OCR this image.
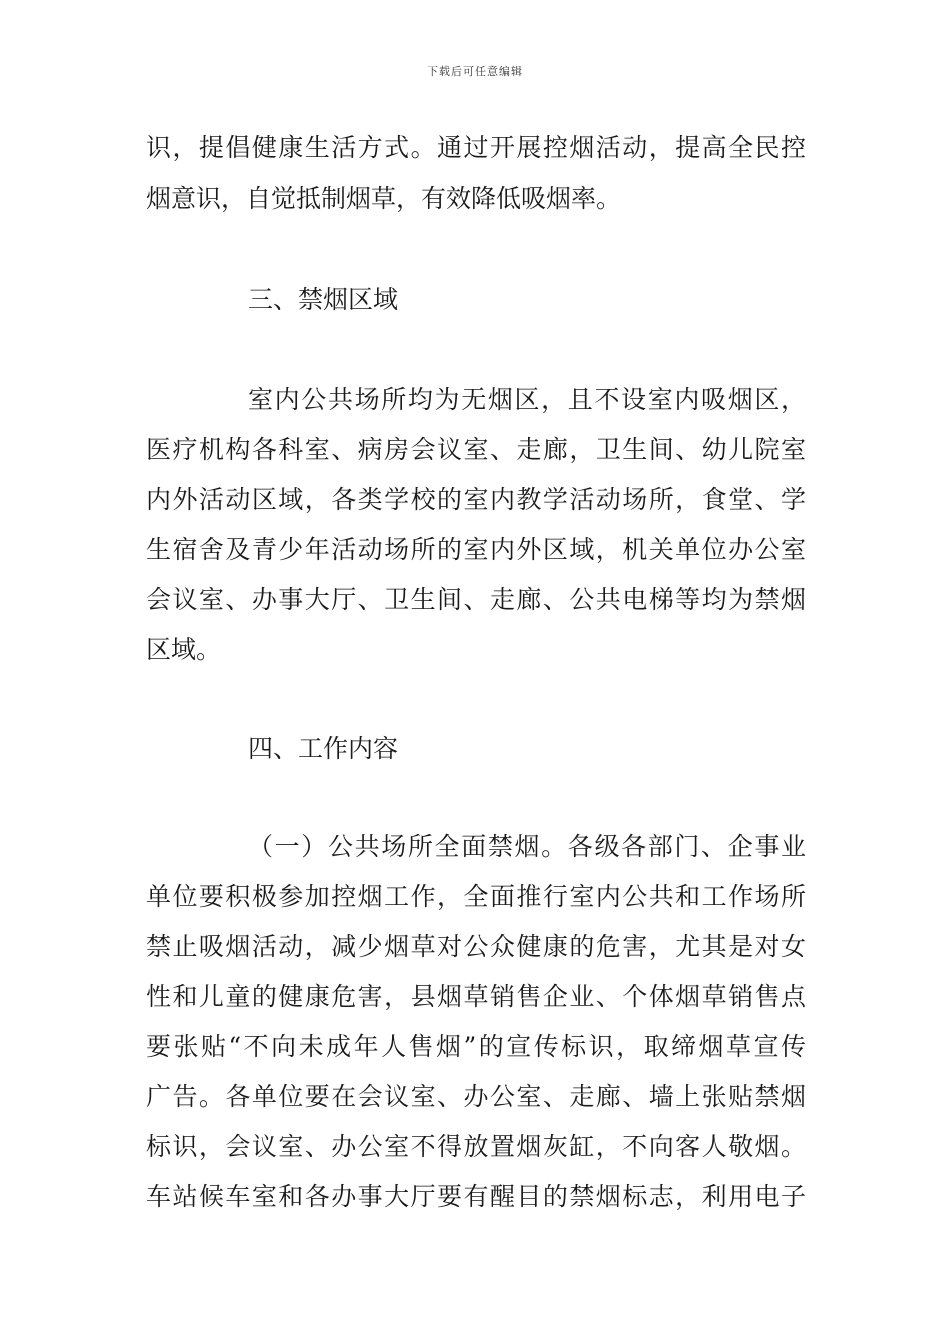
下载后可任意编辑
识，提倡健康生活方式。通过开展控烟活动，提高全民控
烟意识，自觉抵制烟草，有效降低吸烟率。
三、禁烟区域
室内公共场所均为无烟区，且不设室内吸烟区，
医疗机构各科室、病房会议室、走廊，卫生间、幼儿院室
内外活动区域，各类学校的室内教学活动场所，食堂、学
生宿舍及青少年活动场所的室内外区域，机关单位办公室
会议室、办事大厅、卫生间、走廊、公共电梯等均为禁烟
区域。
四、工作内容
（一）公共场所全面禁烟。各级各部门、企事业
单位要积极参加控烟工作，全面推行室内公共和工作场所
禁止吸烟活动，减少烟草对公众健康的危害，尤其是对女
性和儿童的健康危害，县烟草销售企业、个体烟草销售点
要张贴“不向未成年人售烟”的宣传标识，取缔烟草宣传
广告。各单位要在会议室、办公室、走廊、墙上张贴禁烟
标识，会议室、办公室不得放置烟灰缸，不向客人敬烟。
车站候车室和各办事大厅要有醒目的禁烟标志，利用电子
